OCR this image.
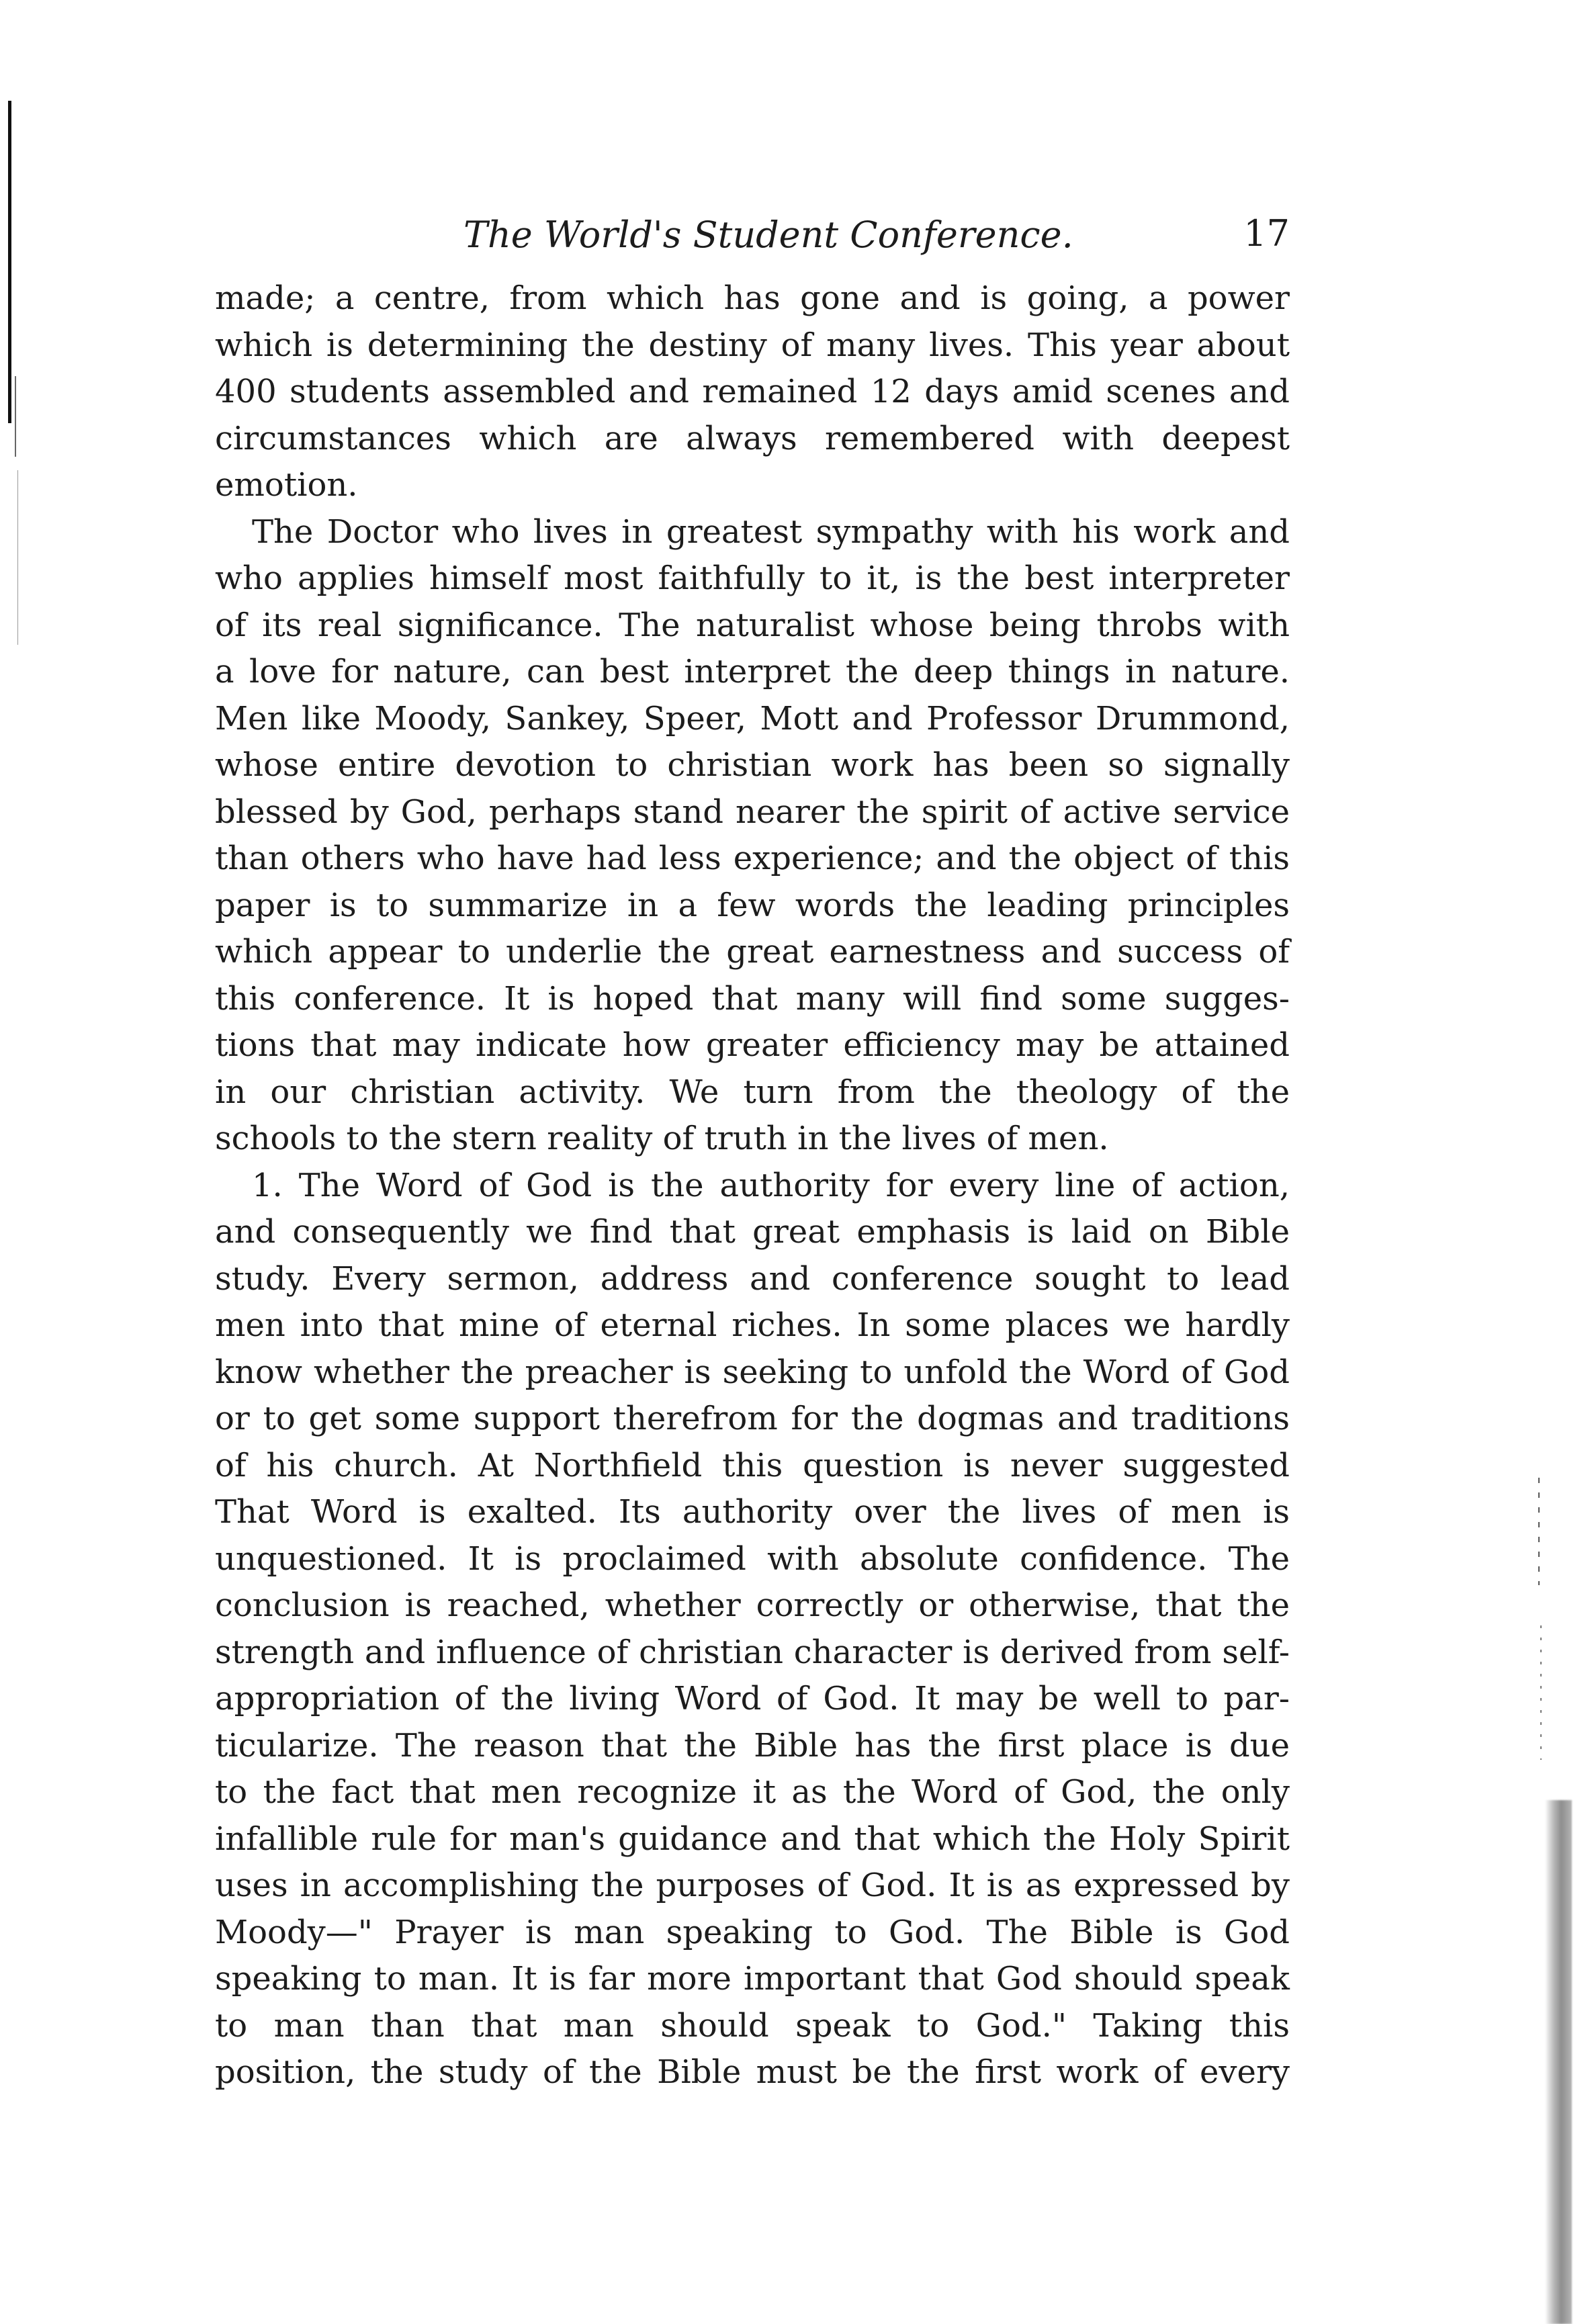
The World's Student Conference.	17
made; a centre, from which has gone and is going, a power
which is determining the destiny of many lives. This year about
400 students assembled and remained 12 days amid scenes and
circumstances which are always remembered with deepest
emotion.
The Doctor who lives in greatest sympathy with his work and
who applies himself most faithfully to it, is the best interpreter
of its real significance. The naturalist whose being throbs with
a love for nature, can best interpret the deep things in nature.
Men like Moody, Sankey, Speer, Mott and Professor Drummond,
whose entire devotion to christian work has been so signally
blessed by God, perhaps stand nearer the spirit of active service
than others who have had less experience; and the object of this
paper is to summarize in a few words the leading principles
which appear to underlie the great earnestness and success of
this conference. It is hoped that many will find some sugges-
tions that may indicate how greater efficiency may be attained
in our christian activity. We turn from the theology of the
schools to the stern reality of truth in the lives of men.
1. The Word of God is the authority for every line of action,
and consequently we find that great emphasis is laid on Bible
study. Every sermon, address and conference sought to lead
men into that mine of eternal riches. In some places we hardly
know whether the preacher is seeking to unfold the Word of God
or to get some support therefrom for the dogmas and traditions
of his church. At Northfield this question is never suggested
That Word is exalted. Its authority over the lives of men is
unquestioned. It is proclaimed with absolute confidence. The
conclusion is reached, whether correctly or otherwise, that the
strength and influence of christian character is derived from self-
appropriation of the living Word of God. It may be well to par-
ticularize. The reason that the Bible has the first place is due
to the fact that men recognize it as the Word of God, the only
infallible rule for man's guidance and that which the Holy Spirit
uses in accomplishing the purposes of God. It is as expressed by
Moody—" Prayer is man speaking to God. The Bible is God
speaking to man. It is far more important that God should speak
to man than that man should speak to God." Taking this
position, the study of the Bible must be the first work of every
